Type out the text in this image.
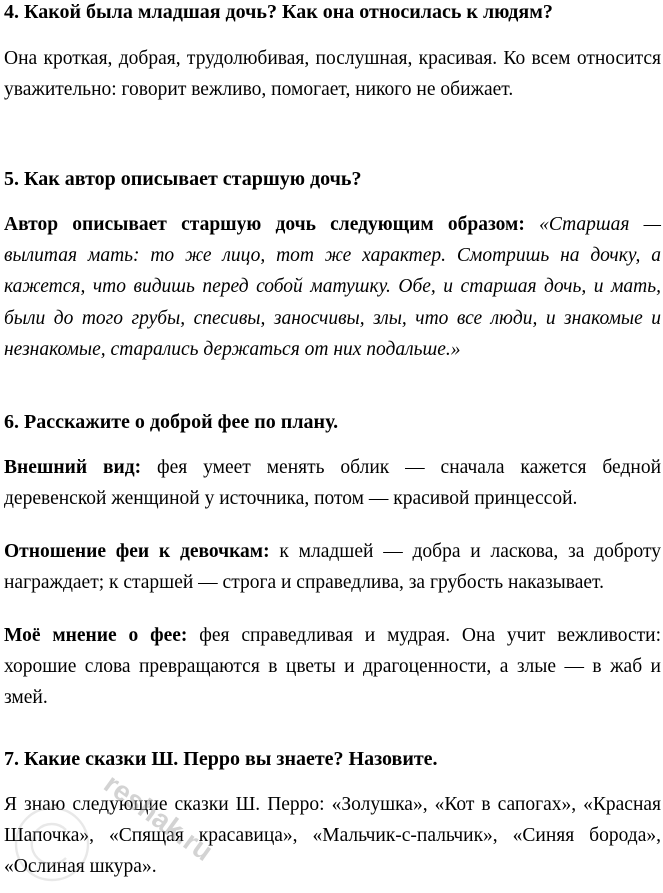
4. Какой была младшая дочь? Как она относилась к людям?

Она кроткая, добрая, трудолюбивая, послушная, красивая. Ко всем относится уважительно: говорит вежливо, помогает, никого не обижает.

5. Как автор описывает старшую дочь?

Автор описывает старшую дочь следующим образом: «Старшая — вылитая мать: то же лицо, тот же характер. Смотришь на дочку, а кажется, что видишь перед собой матушку. Обе, и старшая дочь, и мать, были до того грубы, спесивы, заносчивы, злы, что все люди, и знакомые и незнакомые, старались держаться от них подальше.»

6. Расскажите о доброй фее по плану.

Внешний вид: фея умеет менять облик — сначала кажется бедной деревенской женщиной у источника, потом — красивой принцессой.

Отношение феи к девочкам: к младшей — добра и ласкова, за доброту награждает; к старшей — строга и справедлива, за грубость наказывает.

Моё мнение о фее: фея справедливая и мудрая. Она учит вежливости: хорошие слова превращаются в цветы и драгоценности, а злые — в жаб и змей.

7. Какие сказки Ш. Перро вы знаете? Назовите.

Я знаю следующие сказки Ш. Перро: «Золушка», «Кот в сапогах», «Красная Шапочка», «Спящая красавица», «Мальчик-с-пальчик», «Синяя борода», «Ослиная шкура».

reshak.ru
